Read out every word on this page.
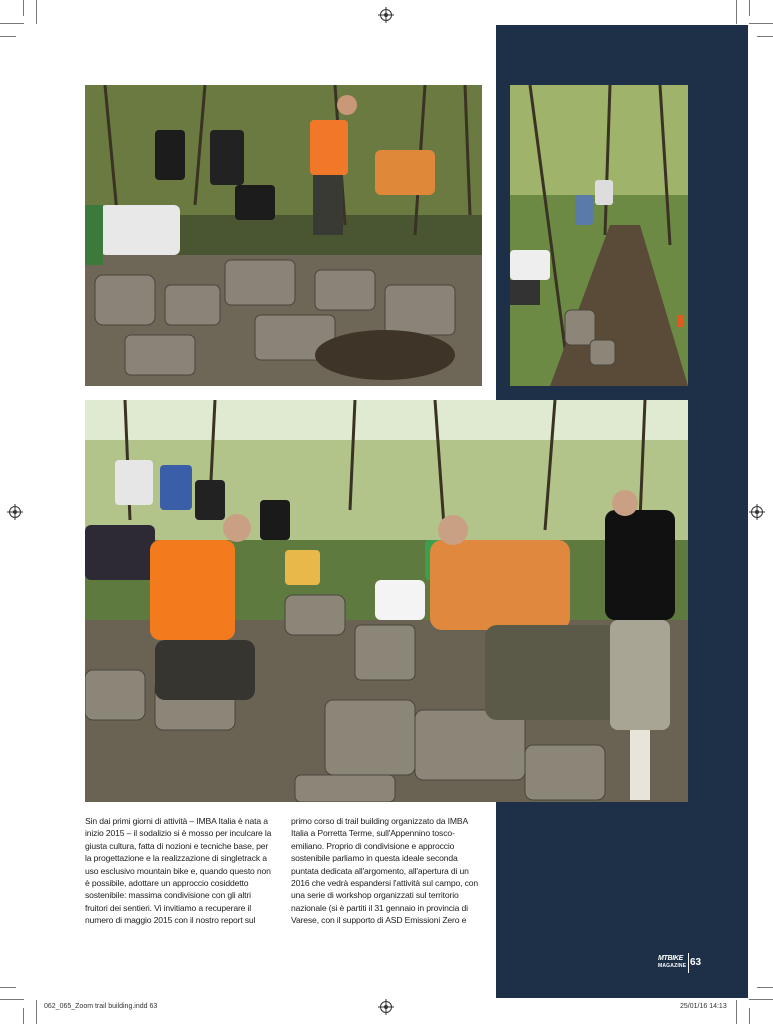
Sin dai primi giorni di attività – IMBA Italia è nata a inizio 2015 – il sodalizio si è mosso per inculcare la giusta cultura, fatta di nozioni e tecniche base, per la progettazione e la realizzazione di singletrack a uso esclusivo mountain bike e, quando questo non è possibile, adottare un approccio cosiddetto sostenibile: massima condivisione con gli altri fruitori dei sentieri. Vi invitiamo a recuperare il numero di maggio 2015 con il nostro report sul

primo corso di trail building organizzato da IMBA Italia a Porretta Terme, sull'Appennino tosco-emiliano. Proprio di condivisione e approccio sostenibile parliamo in questa ideale seconda puntata dedicata all'argomento, all'apertura di un 2016 che vedrà espandersi l'attività sul campo, con una serie di workshop organizzati sul territorio nazionale (si è partiti il 31 gennaio in provincia di Varese, con il supporto di ASD Emissioni Zero e

MTBIKE
MAGAZINE 63
062_065_Zoom trail building.indd 63	25/01/16 14:13
